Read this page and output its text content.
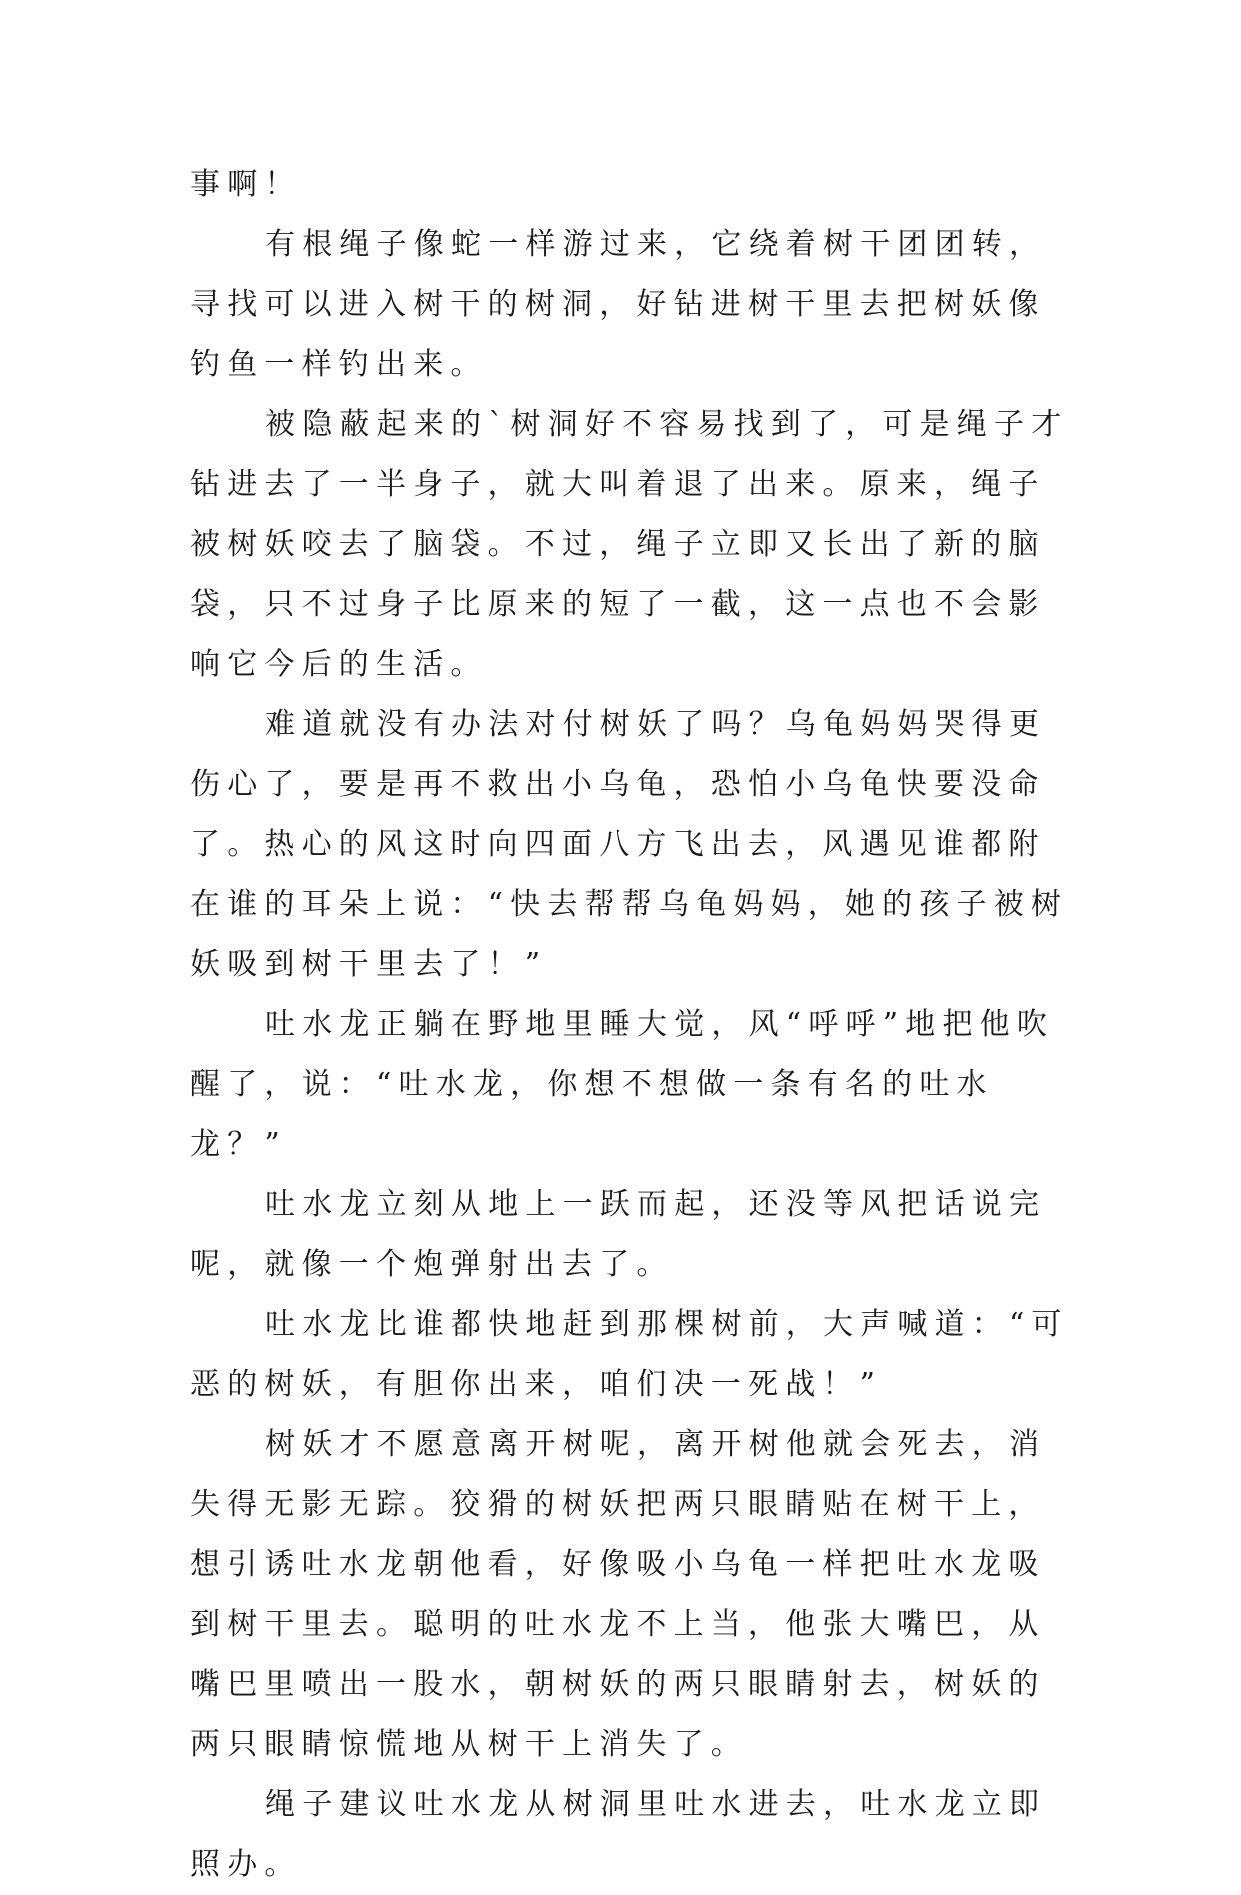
事啊！

有根绳子像蛇一样游过来，它绕着树干团团转，寻找可以进入树干的树洞，好钻进树干里去把树妖像钓鱼一样钓出来。

被隐蔽起来的`树洞好不容易找到了，可是绳子才钻进去了一半身子，就大叫着退了出来。原来，绳子被树妖咬去了脑袋。不过，绳子立即又长出了新的脑袋，只不过身子比原来的短了一截，这一点也不会影响它今后的生活。

难道就没有办法对付树妖了吗？乌龟妈妈哭得更伤心了，要是再不救出小乌龟，恐怕小乌龟快要没命了。热心的风这时向四面八方飞出去，风遇见谁都附在谁的耳朵上说：“快去帮帮乌龟妈妈，她的孩子被树妖吸到树干里去了！”

吐水龙正躺在野地里睡大觉，风“呼呼”地把他吹醒了，说：“吐水龙，你想不想做一条有名的吐水龙？”

吐水龙立刻从地上一跃而起，还没等风把话说完呢，就像一个炮弹射出去了。

吐水龙比谁都快地赶到那棵树前，大声喊道：“可恶的树妖，有胆你出来，咱们决一死战！”

树妖才不愿意离开树呢，离开树他就会死去，消失得无影无踪。狡猾的树妖把两只眼睛贴在树干上，想引诱吐水龙朝他看，好像吸小乌龟一样把吐水龙吸到树干里去。聪明的吐水龙不上当，他张大嘴巴，从嘴巴里喷出一股水，朝树妖的两只眼睛射去，树妖的两只眼睛惊慌地从树干上消失了。

绳子建议吐水龙从树洞里吐水进去，吐水龙立即照办。
